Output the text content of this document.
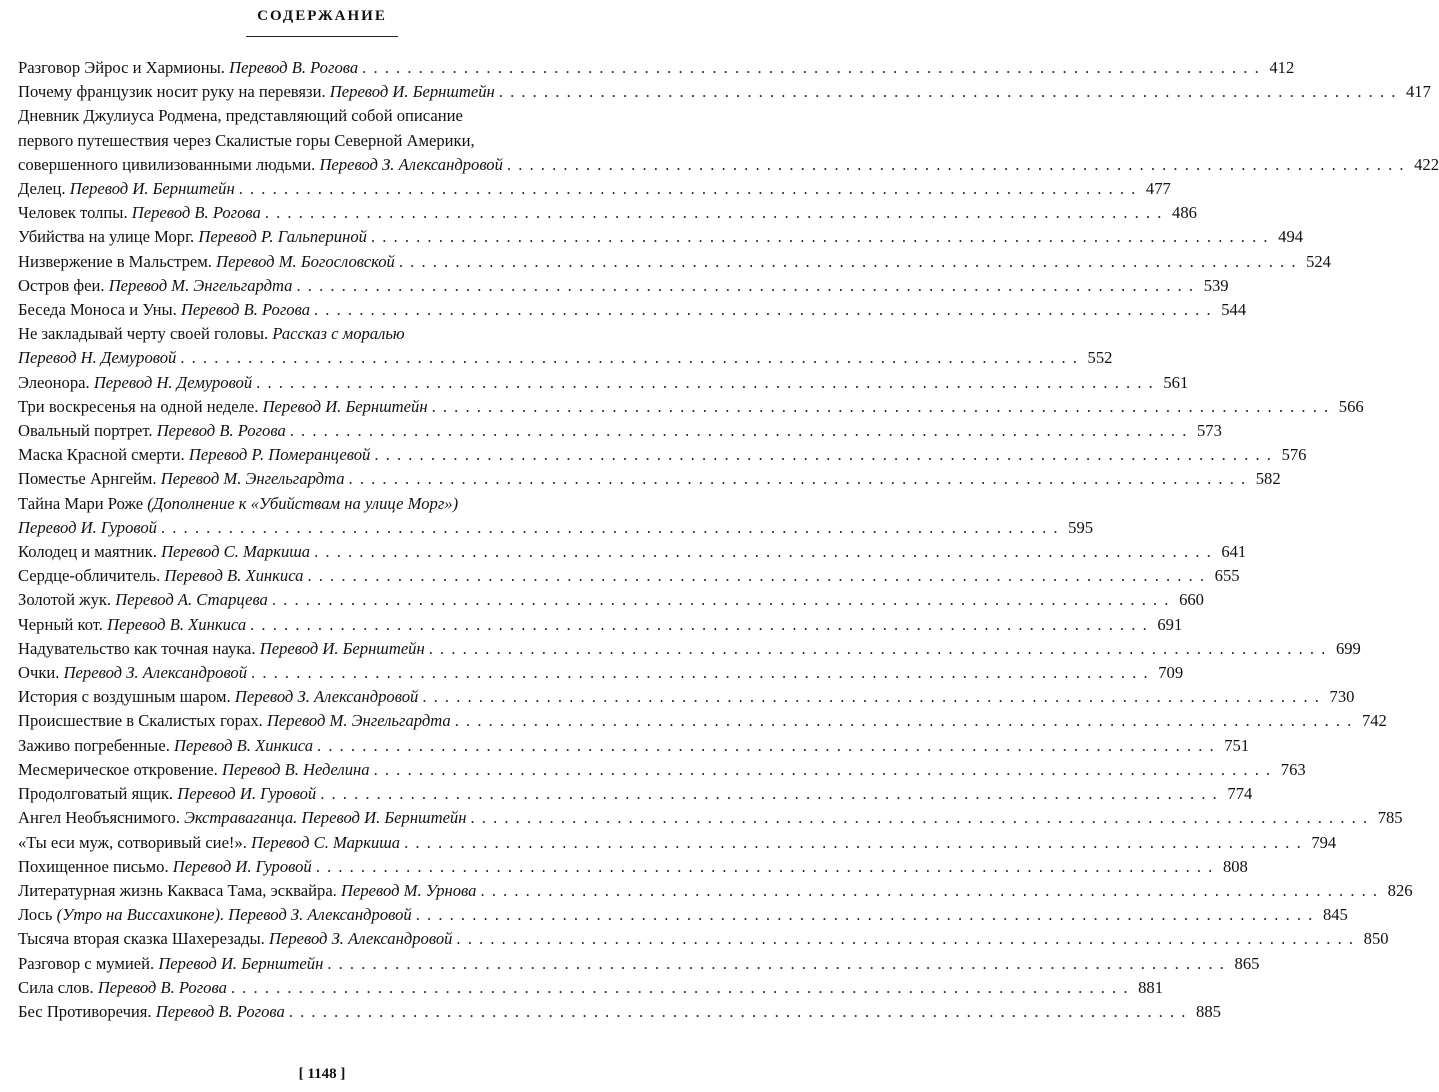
СОДЕРЖАНИЕ
Разговор Эйрос и Хармионы. Перевод В. Рогова . . .	412
Почему французик носит руку на перевязи. Перевод И. Бернштейн . . .	417
Дневник Джулиуса Родмена, представляющий собой описание
первого путешествия через Скалистые горы Северной Америки,
совершенного цивилизованными людьми. Перевод З. Александровой . . .	422
Делец. Перевод И. Бернштейн . . .	477
Человек толпы. Перевод В. Рогова . . .	486
Убийства на улице Морг. Перевод Р. Гальпериной . . .	494
Низвержение в Мальстрем. Перевод М. Богословской . . .	524
Остров феи. Перевод М. Энгельгардта . . .	539
Беседа Моноса и Уны. Перевод В. Рогова . . .	544
Не закладывай черту своей головы. Рассказ с моралью
Перевод Н. Демуровой . . .	552
Элеонора. Перевод Н. Демуровой . . .	561
Три воскресенья на одной неделе. Перевод И. Бернштейн . . .	566
Овальный портрет. Перевод В. Рогова . . .	573
Маска Красной смерти. Перевод Р. Померанцевой . . .	576
Поместье Арнгейм. Перевод М. Энгельгардта . . .	582
Тайна Мари Роже (Дополнение к «Убийствам на улице Морг»)
Перевод И. Гуровой . . .	595
Колодец и маятник. Перевод С. Маркиша . . .	641
Сердце-обличитель. Перевод В. Хинкиса . . .	655
Золотой жук. Перевод А. Старцева . . .	660
Черный кот. Перевод В. Хинкиса . . .	691
Надувательство как точная наука. Перевод И. Бернштейн . . .	699
Очки. Перевод З. Александровой . . .	709
История с воздушным шаром. Перевод З. Александровой . . .	730
Происшествие в Скалистых горах. Перевод М. Энгельгардта . . .	742
Заживо погребенные. Перевод В. Хинкиса . . .	751
Месмерическое откровение. Перевод В. Неделина . . .	763
Продолговатый ящик. Перевод И. Гуровой . . .	774
Ангел Необъяснимого. Экстраваганца. Перевод И. Бернштейн . . .	785
«Ты еси муж, сотворивый сие!». Перевод С. Маркиша . . .	794
Похищенное письмо. Перевод И. Гуровой . . .	808
Литературная жизнь Какваса Тама, эсквайра. Перевод М. Урнова . . .	826
Лось (Утро на Виссахиконе). Перевод З. Александровой . . .	845
Тысяча вторая сказка Шахерезады. Перевод З. Александровой . . .	850
Разговор с мумией. Перевод И. Бернштейн . . .	865
Сила слов. Перевод В. Рогова . . .	881
Бес Противоречия. Перевод В. Рогова . . .	885
[ 1148 ]
